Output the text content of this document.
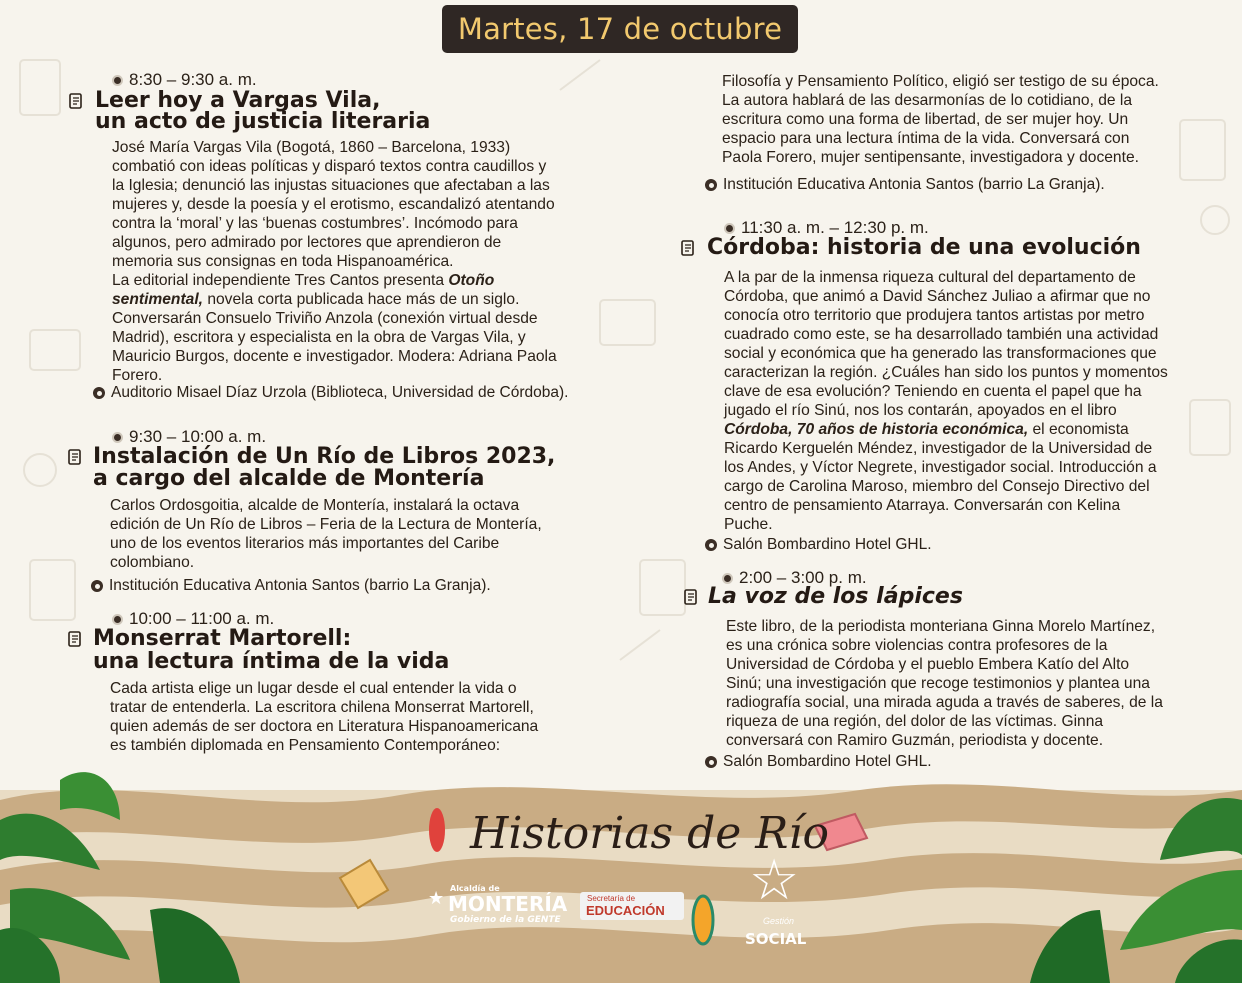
Martes, 17 de octubre
8:30 – 9:30 a. m.
Leer hoy a Vargas Vila,
un acto de justicia literaria
José María Vargas Vila (Bogotá, 1860 – Barcelona, 1933)
combatió con ideas políticas y disparó textos contra caudillos y
la Iglesia; denunció las injustas situaciones que afectaban a las
mujeres y, desde la poesía y el erotismo, escandalizó atentando
contra la ‘moral’ y las ‘buenas costumbres’. Incómodo para
algunos, pero admirado por lectores que aprendieron de
memoria sus consignas en toda Hispanoamérica.
La editorial independiente Tres Cantos presenta Otoño
sentimental, novela corta publicada hace más de un siglo.
Conversarán Consuelo Triviño Anzola (conexión virtual desde
Madrid), escritora y especialista en la obra de Vargas Vila, y
Mauricio Burgos, docente e investigador. Modera: Adriana Paola
Forero.
Auditorio Misael Díaz Urzola (Biblioteca, Universidad de Córdoba).
9:30 – 10:00 a. m.
Instalación de Un Río de Libros 2023,
a cargo del alcalde de Montería
Carlos Ordosgoitia, alcalde de Montería, instalará la octava
edición de Un Río de Libros – Feria de la Lectura de Montería,
uno de los eventos literarios más importantes del Caribe
colombiano.
Institución Educativa Antonia Santos (barrio La Granja).
10:00 – 11:00 a. m.
Monserrat Martorell:
una lectura íntima de la vida
Cada artista elige un lugar desde el cual entender la vida o
tratar de entenderla. La escritora chilena Monserrat Martorell,
quien además de ser doctora en Literatura Hispanoamericana
es también diplomada en Pensamiento Contemporáneo:
Filosofía y Pensamiento Político, eligió ser testigo de su época.
La autora hablará de las desarmonías de lo cotidiano, de la
escritura como una forma de libertad, de ser mujer hoy. Un
espacio para una lectura íntima de la vida. Conversará con
Paola Forero, mujer sentipensante, investigadora y docente.
Institución Educativa Antonia Santos (barrio La Granja).
11:30 a. m. – 12:30 p. m.
Córdoba: historia de una evolución
A la par de la inmensa riqueza cultural del departamento de
Córdoba, que animó a David Sánchez Juliao a afirmar que no
conocía otro territorio que produjera tantos artistas por metro
cuadrado como este, se ha desarrollado también una actividad
social y económica que ha generado las transformaciones que
caracterizan la región. ¿Cuáles han sido los puntos y momentos
clave de esa evolución? Teniendo en cuenta el papel que ha
jugado el río Sinú, nos los contarán, apoyados en el libro
Córdoba, 70 años de historia económica, el economista
Ricardo Kerguelén Méndez, investigador de la Universidad de
los Andes, y Víctor Negrete, investigador social. Introducción a
cargo de Carolina Maroso, miembro del Consejo Directivo del
centro de pensamiento Atarraya. Conversarán con Kelina
Puche.
Salón Bombardino Hotel GHL.
2:00 – 3:00 p. m.
La voz de los lápices
Este libro, de la periodista monteriana Ginna Morelo Martínez,
es una crónica sobre violencias contra profesores de la
Universidad de Córdoba y el pueblo Embera Katío del Alto
Sinú; una investigación que recoge testimonios y plantea una
radiografía social, una mirada aguda a través de saberes, de la
riqueza de una región, del dolor de las víctimas. Ginna
conversará con Ramiro Guzmán, periodista y docente.
Salón Bombardino Hotel GHL.
Historias de Río
Alcaldía de
MONTERÍA
Gobierno de la GENTE
★	Secretaría de
EDUCACIÓN ☆
Gestión
SOCIAL
